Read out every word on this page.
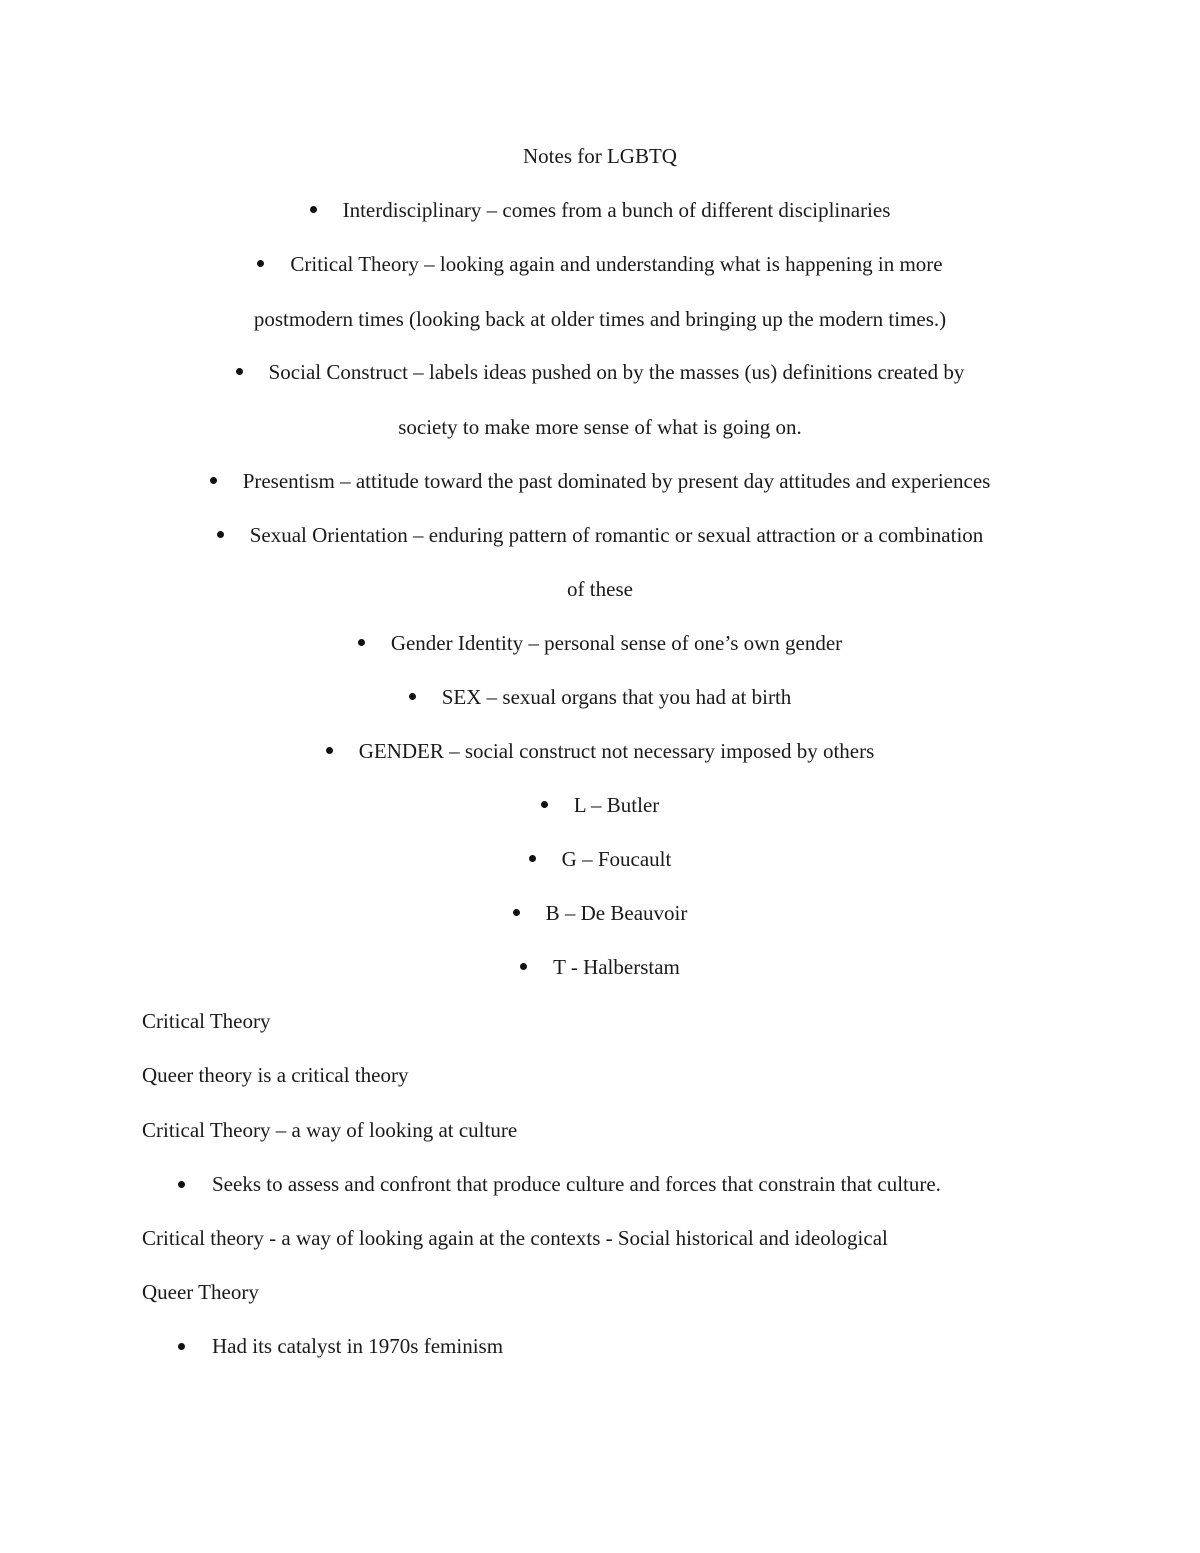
Notes for LGBTQ
Interdisciplinary – comes from a bunch of different disciplinaries
Critical Theory – looking again and understanding what is happening in more
postmodern times (looking back at older times and bringing up the modern times.)
Social Construct – labels ideas pushed on by the masses (us) definitions created by
society to make more sense of what is going on.
Presentism – attitude toward the past dominated by present day attitudes and experiences
Sexual Orientation – enduring pattern of romantic or sexual attraction or a combination
of these
Gender Identity – personal sense of one’s own gender
SEX – sexual organs that you had at birth
GENDER – social construct not necessary imposed by others
L – Butler
G – Foucault
B – De Beauvoir
T - Halberstam
Critical Theory
Queer theory is a critical theory
Critical Theory – a way of looking at culture
Seeks to assess and confront that produce culture and forces that constrain that culture.
Critical theory - a way of looking again at the contexts - Social historical and ideological
Queer Theory
Had its catalyst in 1970s feminism
